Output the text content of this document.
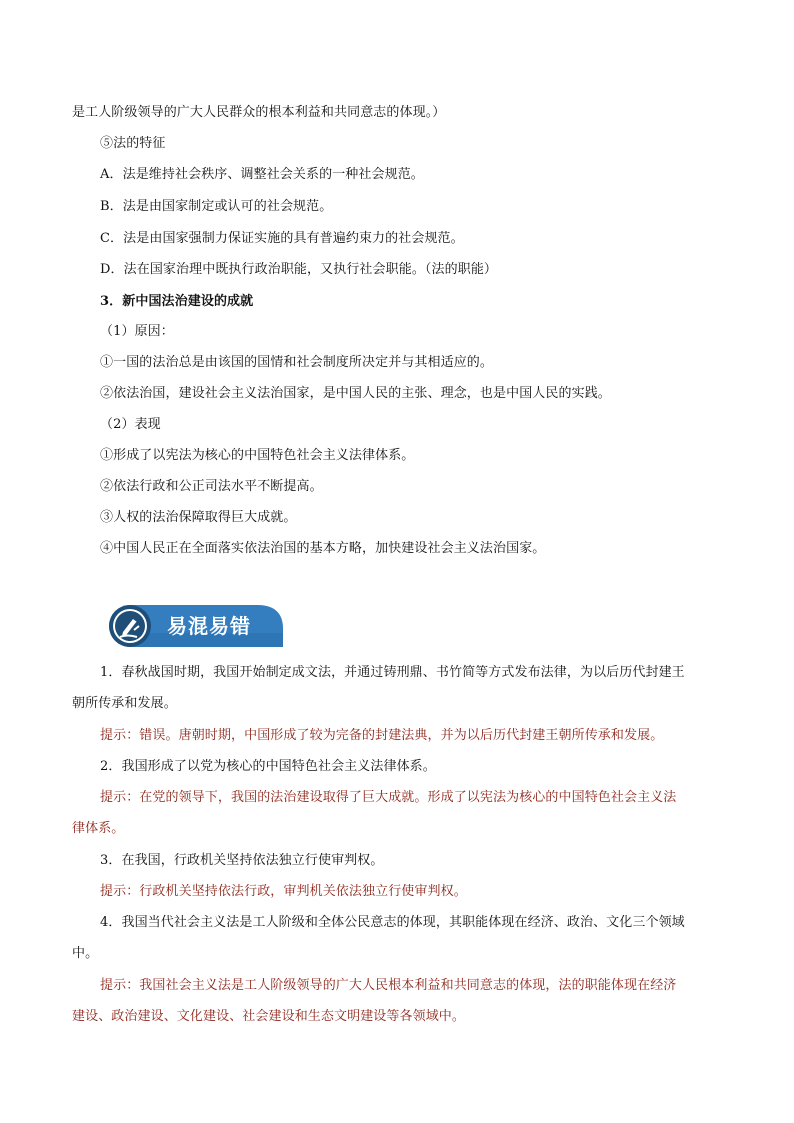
是工人阶级领导的广大人民群众的根本利益和共同意志的体现。）
⑤法的特征
A．法是维持社会秩序、调整社会关系的一种社会规范。
B．法是由国家制定或认可的社会规范。
C．法是由国家强制力保证实施的具有普遍约束力的社会规范。
D．法在国家治理中既执行政治职能，又执行社会职能。（法的职能）
3．新中国法治建设的成就
（1）原因：
①一国的法治总是由该国的国情和社会制度所决定并与其相适应的。
②依法治国，建设社会主义法治国家，是中国人民的主张、理念，也是中国人民的实践。
（2）表现
①形成了以宪法为核心的中国特色社会主义法律体系。
②依法行政和公正司法水平不断提高。
③人权的法治保障取得巨大成就。
④中国人民正在全面落实依法治国的基本方略，加快建设社会主义法治国家。
易混易错
1．春秋战国时期，我国开始制定成文法，并通过铸刑鼎、书竹简等方式发布法律，为以后历代封建王
朝所传承和发展。
提示：错误。唐朝时期，中国形成了较为完备的封建法典，并为以后历代封建王朝所传承和发展。
2．我国形成了以党为核心的中国特色社会主义法律体系。
提示：在党的领导下，我国的法治建设取得了巨大成就。形成了以宪法为核心的中国特色社会主义法
律体系。
3．在我国，行政机关坚持依法独立行使审判权。
提示：行政机关坚持依法行政，审判机关依法独立行使审判权。
4．我国当代社会主义法是工人阶级和全体公民意志的体现，其职能体现在经济、政治、文化三个领域
中。
提示：我国社会主义法是工人阶级领导的广大人民根本利益和共同意志的体现，法的职能体现在经济
建设、政治建设、文化建设、社会建设和生态文明建设等各领域中。
